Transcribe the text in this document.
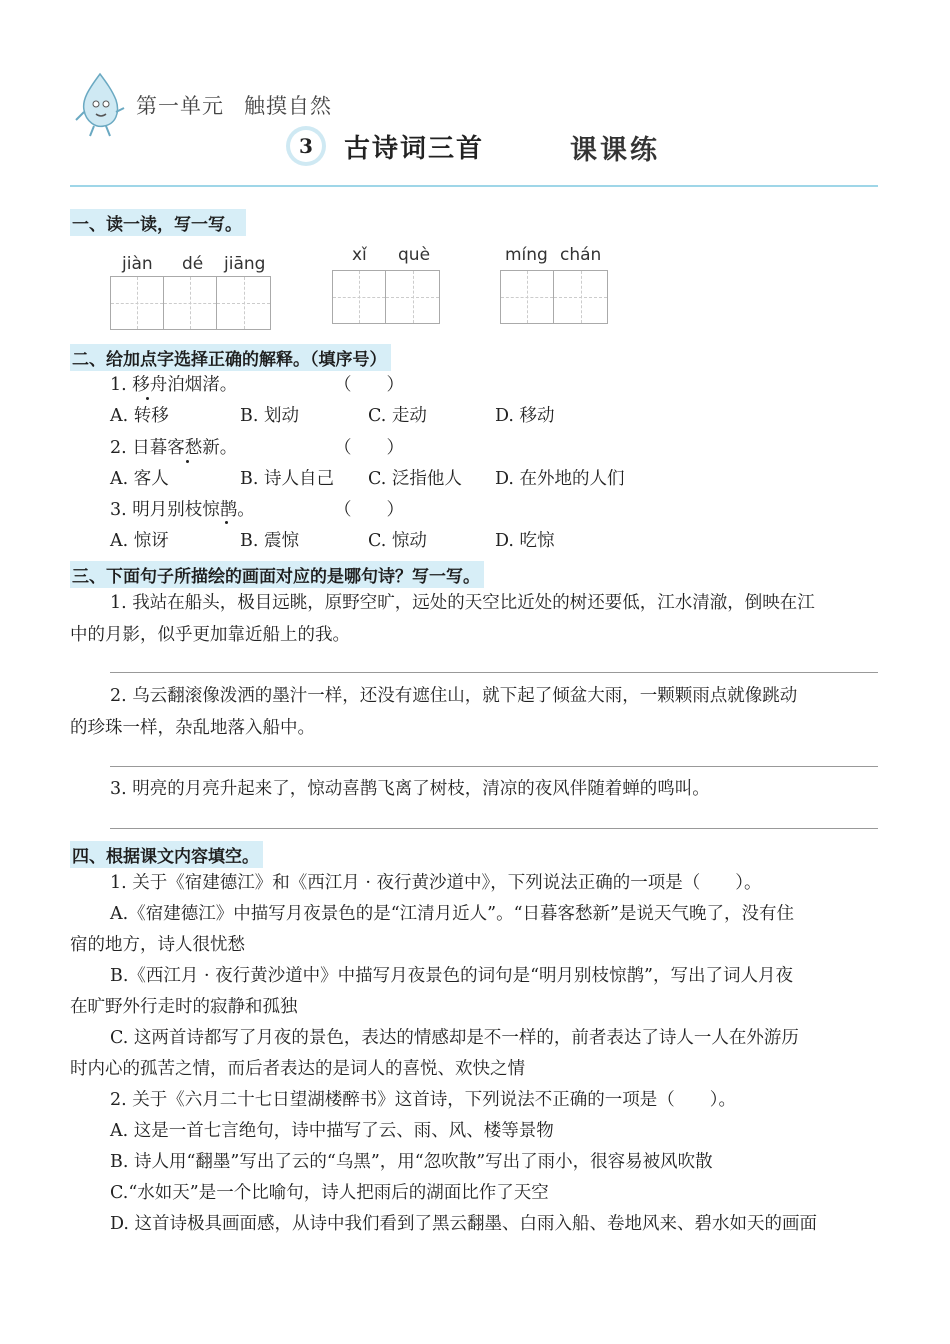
第一单元 触摸自然
3	古诗词三首	课课练
一、读一读，写一写。
jiàn dé jiāng	xǐ què	míng chán
二、给加点字选择正确的解释。（填序号）
1. 移舟泊烟渚。	（　　）
A. 转移	B. 划动	C. 走动	D. 移动
2. 日暮客愁新。	（　　）
A. 客人	B. 诗人自己 C. 泛指他人 D. 在外地的人们
3. 明月别枝惊鹊。	（　　）
A. 惊讶	B. 震惊	C. 惊动	D. 吃惊
三、下面句子所描绘的画面对应的是哪句诗？写一写。
1. 我站在船头，极目远眺，原野空旷，远处的天空比近处的树还要低，江水清澈，倒映在江
中的月影，似乎更加靠近船上的我。
2. 乌云翻滚像泼洒的墨汁一样，还没有遮住山，就下起了倾盆大雨，一颗颗雨点就像跳动
的珍珠一样，杂乱地落入船中。
3. 明亮的月亮升起来了，惊动喜鹊飞离了树枝，清凉的夜风伴随着蝉的鸣叫。
四、根据课文内容填空。
1. 关于《宿建德江》和《西江月 · 夜行黄沙道中》，下列说法正确的一项是（　　）。
A.《宿建德江》中描写月夜景色的是“江清月近人”。“日暮客愁新”是说天气晚了，没有住
宿的地方，诗人很忧愁
B.《西江月 · 夜行黄沙道中》中描写月夜景色的词句是“明月别枝惊鹊”，写出了词人月夜
在旷野外行走时的寂静和孤独
C. 这两首诗都写了月夜的景色，表达的情感却是不一样的，前者表达了诗人一人在外游历
时内心的孤苦之情，而后者表达的是词人的喜悦、欢快之情
2. 关于《六月二十七日望湖楼醉书》这首诗，下列说法不正确的一项是（　　）。
A. 这是一首七言绝句，诗中描写了云、雨、风、楼等景物
B. 诗人用“翻墨”写出了云的“乌黑”，用“忽吹散”写出了雨小，很容易被风吹散
C.“水如天”是一个比喻句，诗人把雨后的湖面比作了天空
D. 这首诗极具画面感，从诗中我们看到了黑云翻墨、白雨入船、卷地风来、碧水如天的画面
